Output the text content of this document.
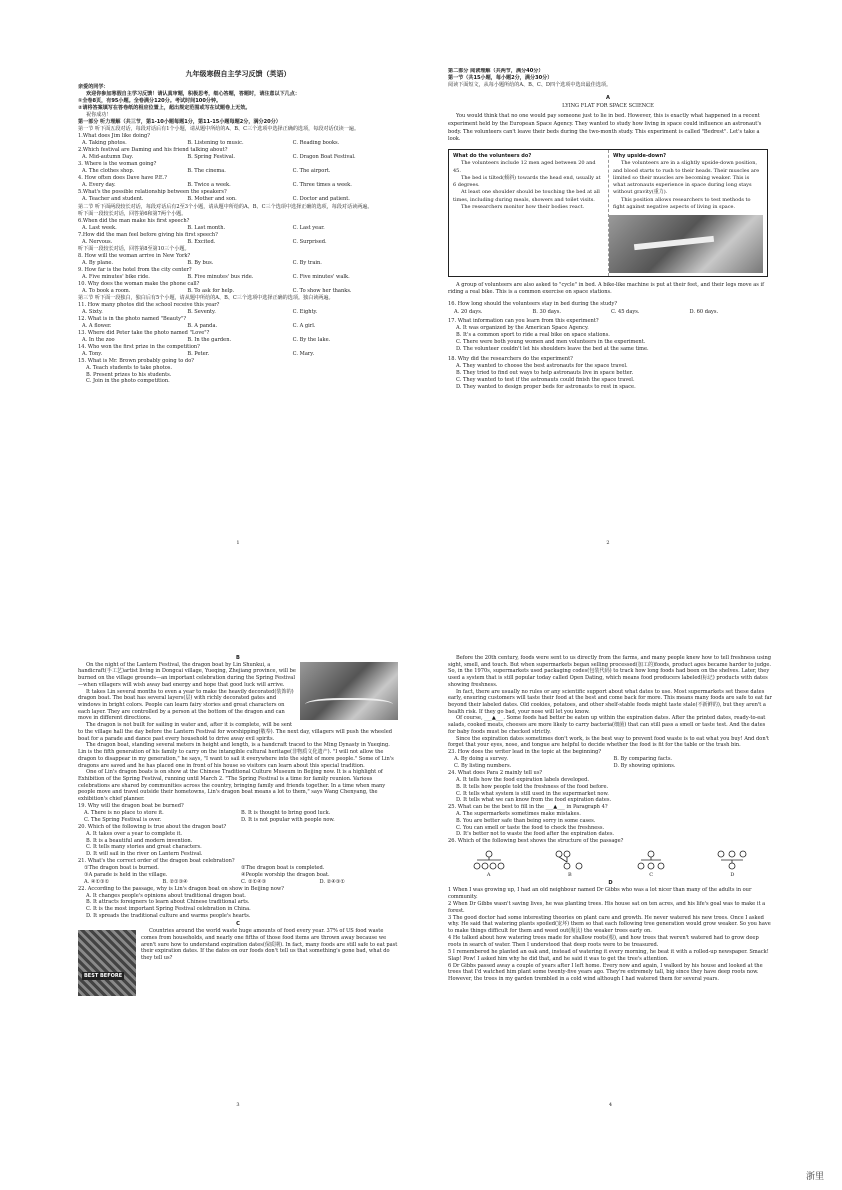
九年级寒假自主学习反馈（英语）
亲爱的同学：
欢迎你参加寒假自主学习反馈！请认真审题，积极思考，细心答题，答题时，请注意以下几点：
①全卷8页，有95小题。全卷满分120分。考试时间100分钟。
②请将答案填写在答卷纸的相应位置上，超出规定范围或写在试题卷上无效。
祝你成功！
第一部分 听力理解（共三节，第1-10小题每题1分，第11-15小题每题2分，满分20分）
第一节 听下面五段对话，每段对话后有1个小题，请从题中所给的A、B、C三个选项中选择正确的选项，每段对话仅读一遍。
1.What does Jim like doing?
A. Taking photos.	B. Listening to music.	C. Reading books.
2.Which festival are Daming and his friend talking about?
A. Mid-autumn Day.	B. Spring Festival.	C. Dragon Boat Festival.
3. Where is the woman going?
A. The clothes shop.	B. The cinema.	C. The airport.
4. How often does Dave have P.E.?
A. Every day.	B. Twice a week.	C. Three times a week.
5.What's the possible relationship between the speakers?
A. Teacher and student.	B. Mother and son.	C. Doctor and patient.
第二节 听下面两段较长对话，每段对话后有2至3个小题，请从题中所给的A、B、C三个选项中选择正确的选项，每段对话读两遍。
听下面一段较长对话，回答第6和第7两个小题。
6.When did the man make his first speech?
A. Last week.	B. Last month.	C. Last year.
7.How did the man feel before giving his first speech?
A. Nervous.	B. Excited.	C. Surprised.
听下面一段较长对话，回答第8至第10三个小题。
8. How will the woman arrive in New York?
A. By plane.	B. By bus.	C. By train.
9. How far is the hotel from the city center?
A. Five minutes' bike ride.	B. Five minutes' bus ride.	C. Five minutes' walk.
10. Why does the woman make the phone call?
A. To book a room.	B. To ask for help.	C. To show her thanks.
第三节 听下面一段独白，独白后有5个小题，请从题中所给的A、B、C三个选项中选择正确的选项。独白读两遍。
11. How many photos did the school receive this year?
A. Sixty.	B. Seventy.	C. Eighty.
12. What is in the photo named "Beauty"?
A. A flower.	B. A panda.	C. A girl.
13. Where did Peter take the photo named "Love"?
A. In the zoo	B. In the garden.	C. By the lake.
14. Who won the first prize in the competition?
A. Tony.	B. Peter.	C. Mary.
15. What is Mr. Brown probably going to do?
A. Teach students to take photos.
B. Present prizes to his students.
C. Join in the photo competition.
1
第二部分 阅读理解（共两节，满分40分）
第一节（共15小题，每小题2分，满分30分）
阅读下面短文，从每小题所给的A、B、C、D四个选项中选出最佳选项。
A
LYING FLAT FOR SPACE SCIENCE
You would think that no one would pay someone just to lie in bed. However, this is exactly what happened in a recent experiment held by the European Space Agency. They wanted to study how living in space could influence an astronaut's body. The volunteers can't leave their beds during the two-month study. This experiment is called "Bedrest". Let's take a look.
What do the volunteers do?
The volunteers include 12 men aged between 20 and 45.
The bed is tilted(倾斜) towards the head end, usually at 6 degrees.
At least one shoulder should be touching the bed at all times, including during meals, showers and toilet visits.
The researchers monitor how their bodies react.
Why upside-down?
The volunteers are in a slightly upside-down position, and blood starts to rush to their heads. Their muscles are limited so their muscles are becoming weaker. This is what astronauts experience in space during long stays without gravity(重力).
This position allows researchers to test methods to fight against negative aspects of living in space.
A group of volunteers are also asked to "cycle" in bed. A bike-like machine is put at their feet, and their legs move as if riding a real bike. This is a common exercise on space stations.
16. How long should the volunteers stay in bed during the study?
A. 20 days.	B. 30 days.	C. 45 days.	D. 60 days.
17. What information can you learn from this experiment?
A. It was organized by the American Space Agency.
B. It's a common sport to ride a real bike on space stations.
C. There were both young women and men volunteers in the experiment.
D. The volunteer couldn't let his shoulders leave the bed at the same time.
18. Why did the researchers do the experiment?
A. They wanted to choose the best astronauts for the space travel.
B. They tried to find out ways to help astronauts live in space better.
C. They wanted to test if the astronauts could finish the space travel.
D. They wanted to design proper beds for astronauts to rest in space.
2
B
On the night of the Lantern Festival, the dragon boat by Lin Shunkui, a handicraft(手工艺)artist living in Dongcai village, Yueqing, Zhejiang province, will be burned on the village grounds—an important celebration during the Spring Festival—when villagers will wish away bad energy and hope that good luck will arrive.
It takes Lin several months to even a year to make the heavily decorated(装饰的) dragon boat. The boat has several layers(层) with richly decorated gates and windows in bright colors. People can learn fairy stories and great characters on each layer. They are controlled by a person at the bottom of the dragon and can move in different directions.
The dragon is not built for sailing in water and, after it is complete, will be sent to the village hall the day before the Lantern Festival for worshipping(敬奉). The next day, villagers will push the wheeled boat for a parade and dance past every household to drive away evil spirits.
The dragon boat, standing several meters in height and length, is a handcraft traced to the Ming Dynasty in Yueqing. Lin is the fifth generation of his family to carry on the intangible cultural heritage(非物质文化遗产). "I will not allow the dragon to disappear in my generation," he says, "I want to sail it everywhere into the sight of more people." Some of Lin's dragons are saved and he has placed one in front of his house so visitors can learn about this special tradition.
One of Lin's dragon boats is on show at the Chinese Traditional Culture Museum in Beijing now. It is a highlight of Exhibition of the Spring Festival, running until March 2. "The Spring Festival is a time for family reunion. Various celebrations are shared by communities across the country, bringing family and friends together. In a time when many people move and travel outside their hometowns, Lin's dragon boat means a lot to them," says Wang Chenyang, the exhibition's chief planner.
19. Why will the dragon boat be burned?
A. There is no place to store it.	B. It is thought to bring good luck.
C. The Spring Festival is over.	D. It is not popular with people now.
20. Which of the following is true about the dragon boat?
A. It takes over a year to complete it.
B. It is a beautiful and modern invention.
C. It tells many stories and great characters.
D. It will sail in the river on Lantern Festival.
21. What's the correct order of the dragon boat celebration?
①The dragon boat is burned.	②The dragon boat is completed.
③A parade is held in the village.	④People worship the dragon boat.
A. ④①③①	B. ②①③④	C. ②①④③	D. ②④③①
22. According to the passage, why is Lin's dragon boat on show in Beijing now?
A. It changes people's opinions about traditional dragon boat.
B. It attracts foreigners to learn about Chinese traditional arts.
C. It is the most important Spring Festival celebration in China.
D. It spreads the traditional culture and warms people's hearts.
C
BEST BEFORE
Countries around the world waste huge amounts of food every year. 37% of US food waste comes from households, and nearly one fifths of those food items are thrown away because we aren't sure how to understand expiration dates(保质期). In fact, many foods are still safe to eat past their expiration dates. If the dates on our foods don't tell us that something's gone bad, what do they tell us?
3
Before the 20th century, foods were sent to us directly from the farms, and many people knew how to tell freshness using sight, smell, and touch. But when supermarkets began selling processed(加工的)foods, product ages became harder to judge. So, in the 1970s, supermarkets used packaging codes(包装代码) to track how long foods had been on the shelves. Later, they used a system that is still popular today called Open Dating, which means food producers labeled(标记) products with dates showing freshness.
In fact, there are usually no rules or any scientific support about what dates to use. Most supermarkets set these dates early, ensuring customers will taste their food at the best and come back for more. This means many foods are safe to eat far beyond their labeled dates. Old cookies, potatoes, and other shelf-stable foods might taste stale(不新鲜的), but they aren't a health risk. If they go bad, your nose will let you know.
Of course, ___▲___. Some foods had better be eaten up within the expiration dates. After the printed dates, ready-to-eat salads, cooked meats, cheeses are more likely to carry bacteria(细菌) that can still pass a smell or taste test. And the dates for baby foods must be checked strictly.
Since the expiration dates sometimes don't work, is the best way to prevent food waste is to eat what you buy! And don't forget that your eyes, nose, and tongue are helpful to decide whether the food is fit for the table or the trash bin.
23. How does the writer lead in the topic at the beginning?
A. By doing a survey.	B. By comparing facts.
C. By listing numbers.	D. By showing opinions.
24. What does Para 2 mainly tell us?
A. It tells how the food expiration labels developed.
B. It tells how people told the freshness of the food before.
C. It tells what system is still used in the supermarket now.
D. It tells what we can know from the food expiration dates.
25. What can be the best to fill in the ___▲___ in Paragraph 4?
A. The supermarkets sometimes make mistakes.
B. You are better safe than being sorry in some cases.
C. You can smell or taste the food to check the freshness.
D. It's better not to waste the food after the expiration dates.
26. Which of the following best shows the structure of the passage?
A	B	C	D
D
1 When I was growing up, I had an old neighbour named Dr Gibbs who was a lot nicer than many of the adults in our community.
2 When Dr Gibbs wasn't saving lives, he was planting trees. His house sat on ten acres, and his life's goal was to make it a forest.
3 The good doctor had some interesting theories on plant care and growth. He never watered his new trees. Once I asked why. He said that watering plants spoiled(宠坏) them so that each following tree generation would grow weaker. So you have to make things difficult for them and weed out(淘汰) the weaker trees early on.
4 He talked about how watering trees made for shallow roots(根), and how trees that weren't watered had to grow deep roots in search of water. Then I understood that deep roots were to be treasured.
5 I remembered he planted an oak and, instead of watering it every morning, he beat it with a rolled-up newspaper. Smack! Slap! Pow! I asked him why he did that, and he said it was to get the tree's attention.
6 Dr Gibbs passed away a couple of years after I left home. Every now and again, I walked by his house and looked at the trees that I'd watched him plant some twenty-five years ago. They're extremely tall, big since they have deep roots now. However, the trees in my garden trembled in a cold wind although I had watered them for several years.
4
浙里
